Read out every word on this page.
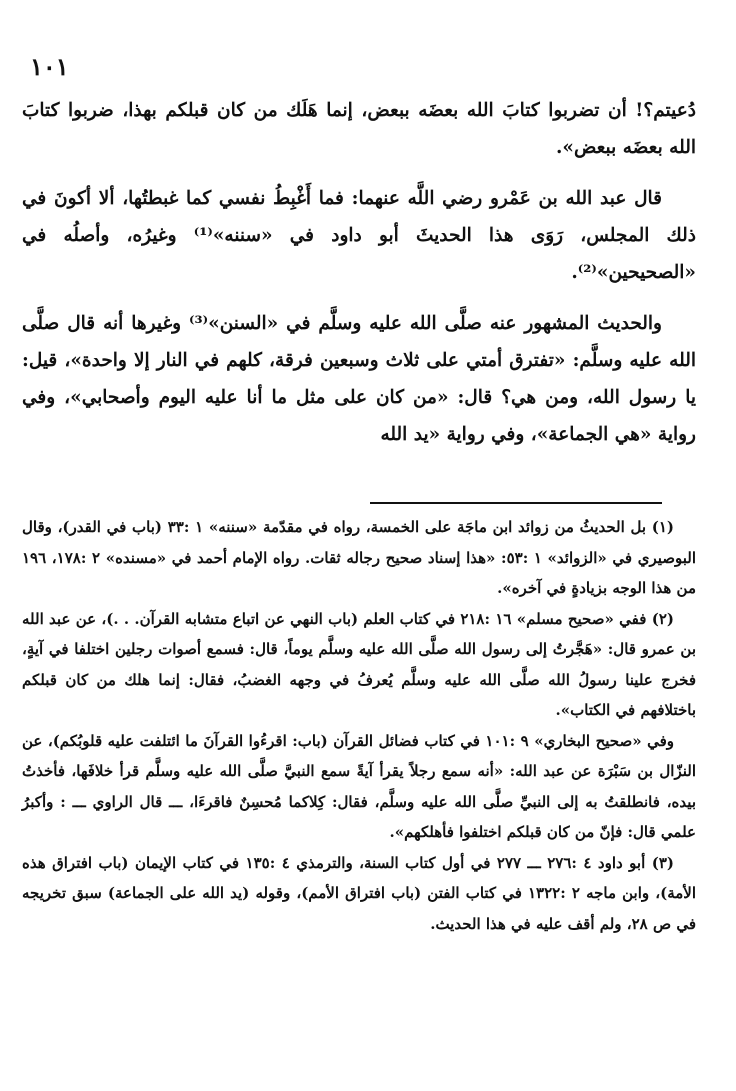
١٠١

دُعيتم؟! أن تضربوا كتابَ الله بعضَه ببعض، إنما هَلَك من كان قبلكم بهذا، ضربوا كتابَ الله بعضَه ببعض».

قال عبد الله بن عَمْرو رضي اللَّه عنهما: فما أَغْبِطُ نفسي كما غبطتُها، ألا أكونَ في ذلك المجلس، رَوَى هذا الحديثَ أبو داود في «سننه»⁽¹⁾ وغيرُه، وأصلُه في «الصحيحين»⁽²⁾.

والحديث المشهور عنه صلَّى الله عليه وسلَّم في «السنن»⁽³⁾ وغيرها أنه قال صلَّى الله عليه وسلَّم: «تفترق أمتي على ثلاث وسبعين فرقة، كلهم في النار إلا واحدة»، قيل: يا رسول الله، ومن هي؟ قال: «من كان على مثل ما أنا عليه اليوم وأصحابي»، وفي رواية «هي الجماعة»، وفي رواية «يد الله

(١) بل الحديثُ من زوائد ابن ماجَة على الخمسة، رواه في مقدّمة «سننه» ١ :٣٣ (باب في القدر)، وقال البوصيري في «الزوائد» ١ :٥٣: «هذا إسناد صحيح رجاله ثقات. رواه الإمام أحمد في «مسنده» ٢ :١٧٨، ١٩٦ من هذا الوجه بزيادةٍ في آخره».

(٢) ففي «صحيح مسلم» ١٦ :٢١٨ في كتاب العلم (باب النهي عن اتباع متشابه القرآن. . .)، عن عبد الله بن عمرو قال: «هَجَّرتُ إلى رسول الله صلَّى الله عليه وسلَّم يوماً، قال: فسمع أصوات رجلين اختلفا في آيةٍ، فخرج علينا رسولُ الله صلَّى الله عليه وسلَّم يُعرفُ في وجهه الغضبُ، فقال: إنما هلك من كان قبلكم باختلافهم في الكتاب».

وفي «صحيح البخاري» ٩ :١٠١ في كتاب فضائل القرآن (باب: اقرءُوا القرآنَ ما ائتلفت عليه قلوبُكم)، عن النزّال بن سَبْرَة عن عبد الله: «أنه سمع رجلاً يقرأ آيةً سمع النبيَّ صلَّى الله عليه وسلَّم قرأ خلافَها، فأخذتُ بيده، فانطلقتُ به إلى النبيِّ صلَّى الله عليه وسلَّم، فقال: كِلاكما مُحسِنٌ فاقرءَا، ـــ قال الراوي ـــ : وأكبرُ علمي قال: فإنّ من كان قبلكم اختلفوا فأهلكهم».

(٣) أبو داود ٤ :٢٧٦ ـــ ٢٧٧ في أول كتاب السنة، والترمذي ٤ :١٣٥ في كتاب الإيمان (باب افتراق هذه الأمة)، وابن ماجه ٢ :١٣٢٢ في كتاب الفتن (باب افتراق الأمم)، وقوله (يد الله على الجماعة) سبق تخريجه في ص ٢٨، ولم أقف عليه في هذا الحديث.
